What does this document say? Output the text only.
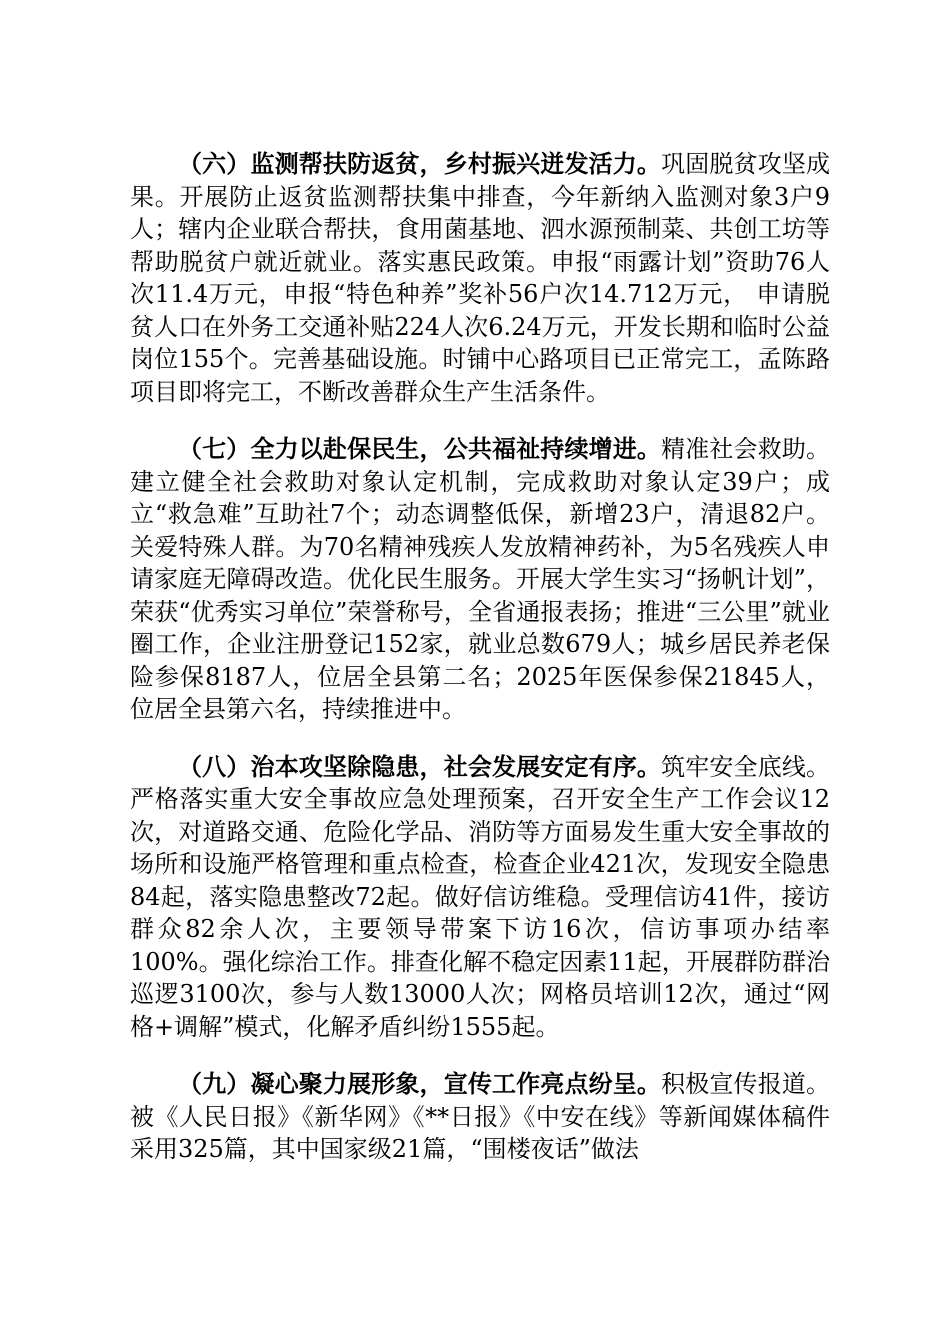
（六）监测帮扶防返贫，乡村振兴迸发活力。巩固脱贫攻坚成果。开展防止返贫监测帮扶集中排查，今年新纳入监测对象3户9人；辖内企业联合帮扶，食用菌基地、泗水源预制菜、共创工坊等帮助脱贫户就近就业。落实惠民政策。申报“雨露计划”资助76人次11.4万元，申报“特色种养”奖补56户次14.712万元， 申请脱贫人口在外务工交通补贴224人次6.24万元，开发长期和临时公益岗位155个。完善基础设施。时铺中心路项目已正常完工，孟陈路项目即将完工，不断改善群众生产生活条件。

（七）全力以赴保民生，公共福祉持续增进。精准社会救助。建立健全社会救助对象认定机制，完成救助对象认定39户；成立“救急难”互助社7个；动态调整低保，新增23户，清退82户。关爱特殊人群。为70名精神残疾人发放精神药补，为5名残疾人申请家庭无障碍改造。优化民生服务。开展大学生实习“扬帆计划”，荣获“优秀实习单位”荣誉称号，全省通报表扬；推进“三公里”就业圈工作，企业注册登记152家，就业总数679人；城乡居民养老保险参保8187人，位居全县第二名；2025年医保参保21845人，位居全县第六名，持续推进中。

（八）治本攻坚除隐患，社会发展安定有序。筑牢安全底线。严格落实重大安全事故应急处理预案，召开安全生产工作会议12次，对道路交通、危险化学品、消防等方面易发生重大安全事故的场所和设施严格管理和重点检查，检查企业421次，发现安全隐患84起，落实隐患整改72起。做好信访维稳。受理信访41件，接访群众82余人次，主要领导带案下访16次，信访事项办结率100%。强化综治工作。排查化解不稳定因素11起，开展群防群治巡逻3100次，参与人数13000人次；网格员培训12次，通过“网格+调解”模式，化解矛盾纠纷1555起。

（九）凝心聚力展形象，宣传工作亮点纷呈。积极宣传报道。被《人民日报》《新华网》《**日报》《中安在线》等新闻媒体稿件采用325篇，其中国家级21篇，“围楼夜话”做法
